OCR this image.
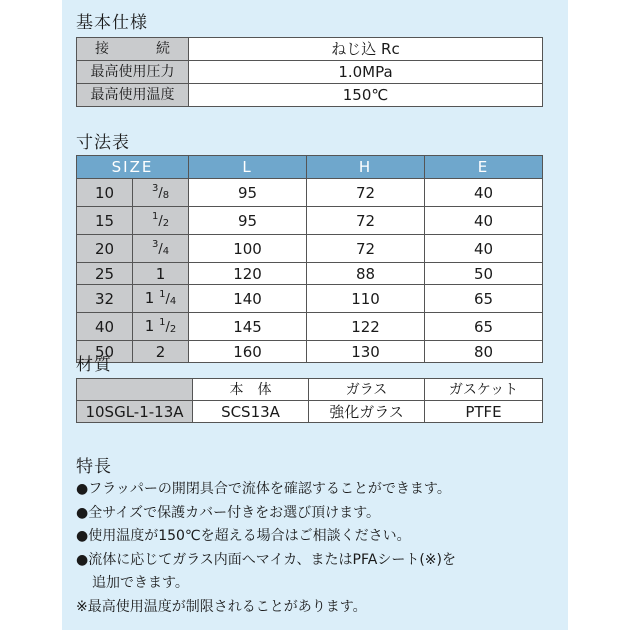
基本仕様
接　　続	ねじ込 Rc
最高使用圧力	1.0MPa
最高使用温度	150℃
寸法表
SIZE		L	H	E
10	$^3/_8$	95	72	40
15	$^1/_2$	95	72	40
20	$^3/_4$	100	72	40
25	1	120	88	50
32	1 $^1/_4$	140	110	65
40	1 $^1/_2$	145	122	65
50	2	160	130	80
材質
	本　体	ガラス	ガスケット
10SGL-1-13A	SCS13A	強化ガラス	PTFE
特長
●フラッパーの開閉具合で流体を確認することができます。
●全サイズで保護カバー付きをお選び頂けます。
●使用温度が150℃を超える場合はご相談ください。
●流体に応じてガラス内面へマイカ、またはPFAシート(※)を
追加できます。
※最高使用温度が制限されることがあります。
